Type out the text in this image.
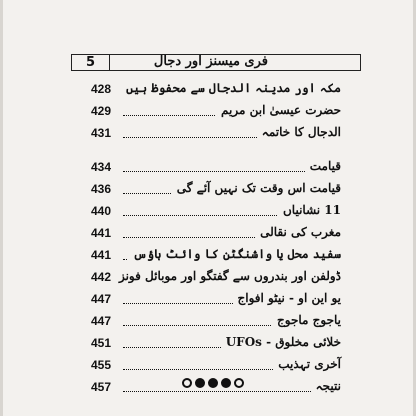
5	فری میسنز اور دجال
428	مکہ اور مدینہ الدجال سے محفوظ ہیں
429	حضرت عیسیٰ ابن مریم
431	الدجال کا خاتمہ
434	قیامت
436	قیامت اس وقت تک نہیں آئے گی
440	11 نشانیاں
441	مغرب کی نقالی
441	سفید محل یا واشنگٹن کا وائٹ ہاؤس
442 ڈولفن اور بندروں سے گفتگو اور موبائل فونز
447	یو این او - نیٹو افواج
447	یاجوج ماجوج
451	خلائی مخلوق - UFOs
455	آخری تہذیب
457	نتیجہ
